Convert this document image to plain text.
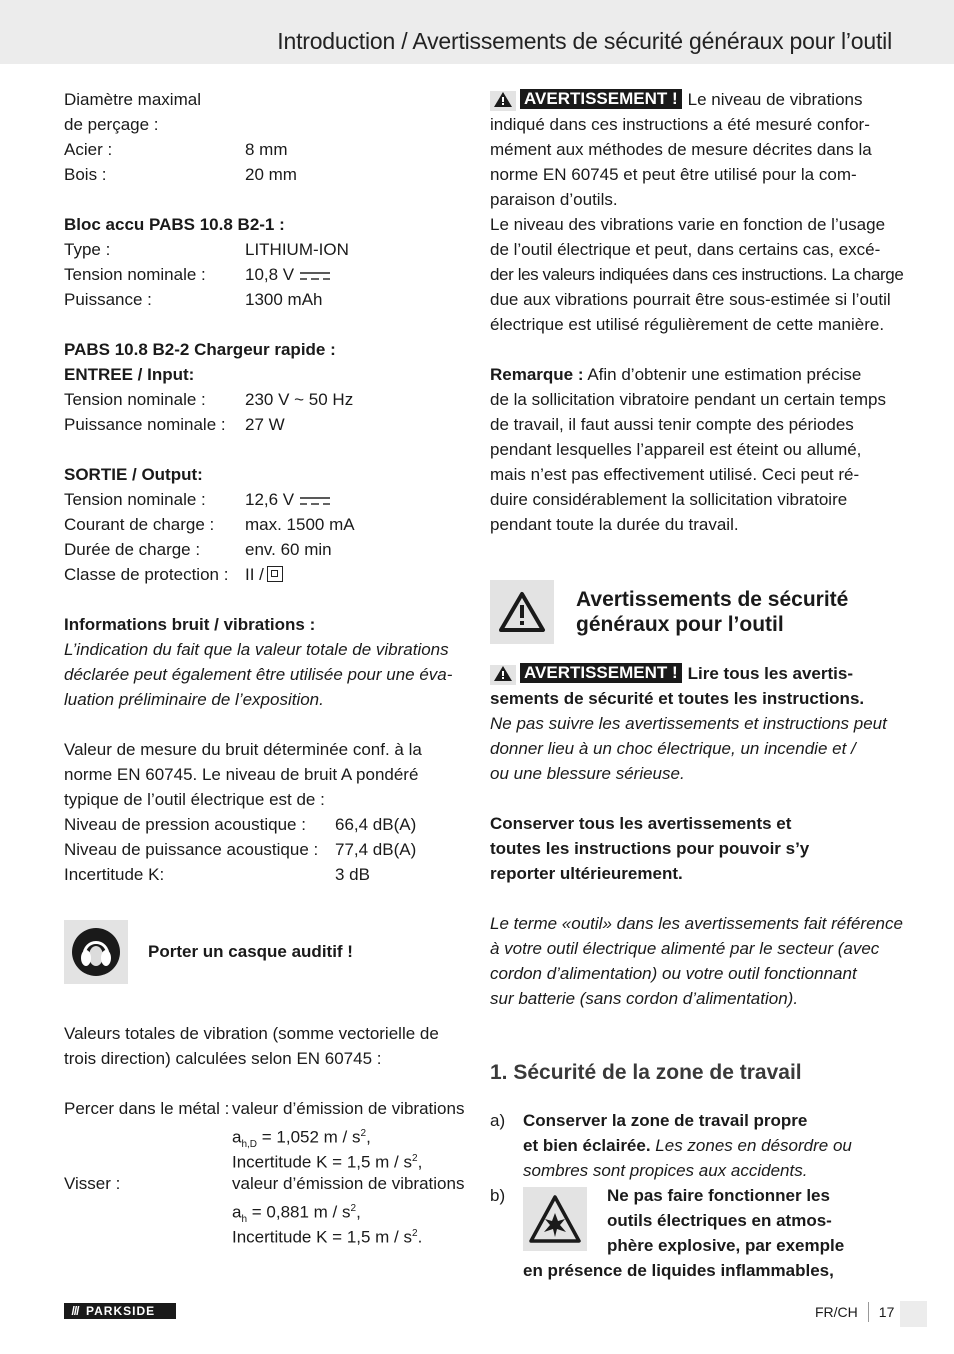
Introduction / Avertissements de sécurité généraux pour l’outil
Diamètre maximal
de perçage :
Acier :	8 mm
Bois :	20 mm
Bloc accu PABS 10.8 B2-1 :
Type :	LITHIUM-ION
Tension nominale : 10,8 V
Puissance :	1300 mAh
PABS 10.8 B2-2 Chargeur rapide :
ENTREE / Input:
Tension nominale : 230 V ~ 50 Hz
Puissance nominale : 27 W
SORTIE / Output:
Tension nominale : 12,6 V
Courant de charge : max. 1500 mA
Durée de charge :	env. 60 min
Classe de protection : II /
Informations bruit / vibrations :
L’indication du fait que la valeur totale de vibrations
déclarée peut également être utilisée pour une éva-
luation préliminaire de l’exposition.
Valeur de mesure du bruit déterminée conf. à la
norme EN 60745. Le niveau de bruit A pondéré
typique de l’outil électrique est de :
Niveau de pression acoustique : 66,4 dB(A)
Niveau de puissance acoustique : 77,4 dB(A)
Incertitude K:	3 dB
Porter un casque auditif !
Valeurs totales de vibration (somme vectorielle de
trois direction) calculées selon EN 60745 :
Percer dans le métal : valeur d’émission de vibrations
$a_{h,D} = 1,052$ m / $s^2$,
Incertitude K = 1,5 m / $s^2$,
Visser :	valeur d’émission de vibrations
$a_h = 0,881$ m / $s^2$,
Incertitude K = 1,5 m / $s^2$.
AVERTISSEMENT ! Le niveau de vibrations
indiqué dans ces instructions a été mesuré confor-
mément aux méthodes de mesure décrites dans la
norme EN 60745 et peut être utilisé pour la com-
paraison d’outils.
Le niveau des vibrations varie en fonction de l’usage
de l’outil électrique et peut, dans certains cas, excé-
der les valeurs indiquées dans ces instructions. La charge
due aux vibrations pourrait être sous-estimée si l’outil
électrique est utilisé régulièrement de cette manière.
Remarque : Afin d’obtenir une estimation précise
de la sollicitation vibratoire pendant un certain temps
de travail, il faut aussi tenir compte des périodes
pendant lesquelles l’appareil est éteint ou allumé,
mais n’est pas effectivement utilisé. Ceci peut ré-
duire considérablement la sollicitation vibratoire
pendant toute la durée du travail.
Avertissements de sécurité
généraux pour l’outil
AVERTISSEMENT ! Lire tous les avertis-
sements de sécurité et toutes les instructions.
Ne pas suivre les avertissements et instructions peut
donner lieu à un choc électrique, un incendie et /
ou une blessure sérieuse.
Conserver tous les avertissements et
toutes les instructions pour pouvoir s’y
reporter ultérieurement.
Le terme «outil» dans les avertissements fait référence
à votre outil électrique alimenté par le secteur (avec
cordon d’alimentation) ou votre outil fonctionnant
sur batterie (sans cordon d’alimentation).
1. Sécurité de la zone de travail
a) Conserver la zone de travail propre
et bien éclairée. Les zones en désordre ou
sombres sont propices aux accidents.
b)	Ne pas faire fonctionner les
outils électriques en atmos-
phère explosive, par exemple
en présence de liquides inflammables,
/// PARKSIDE	FR/CH 17
